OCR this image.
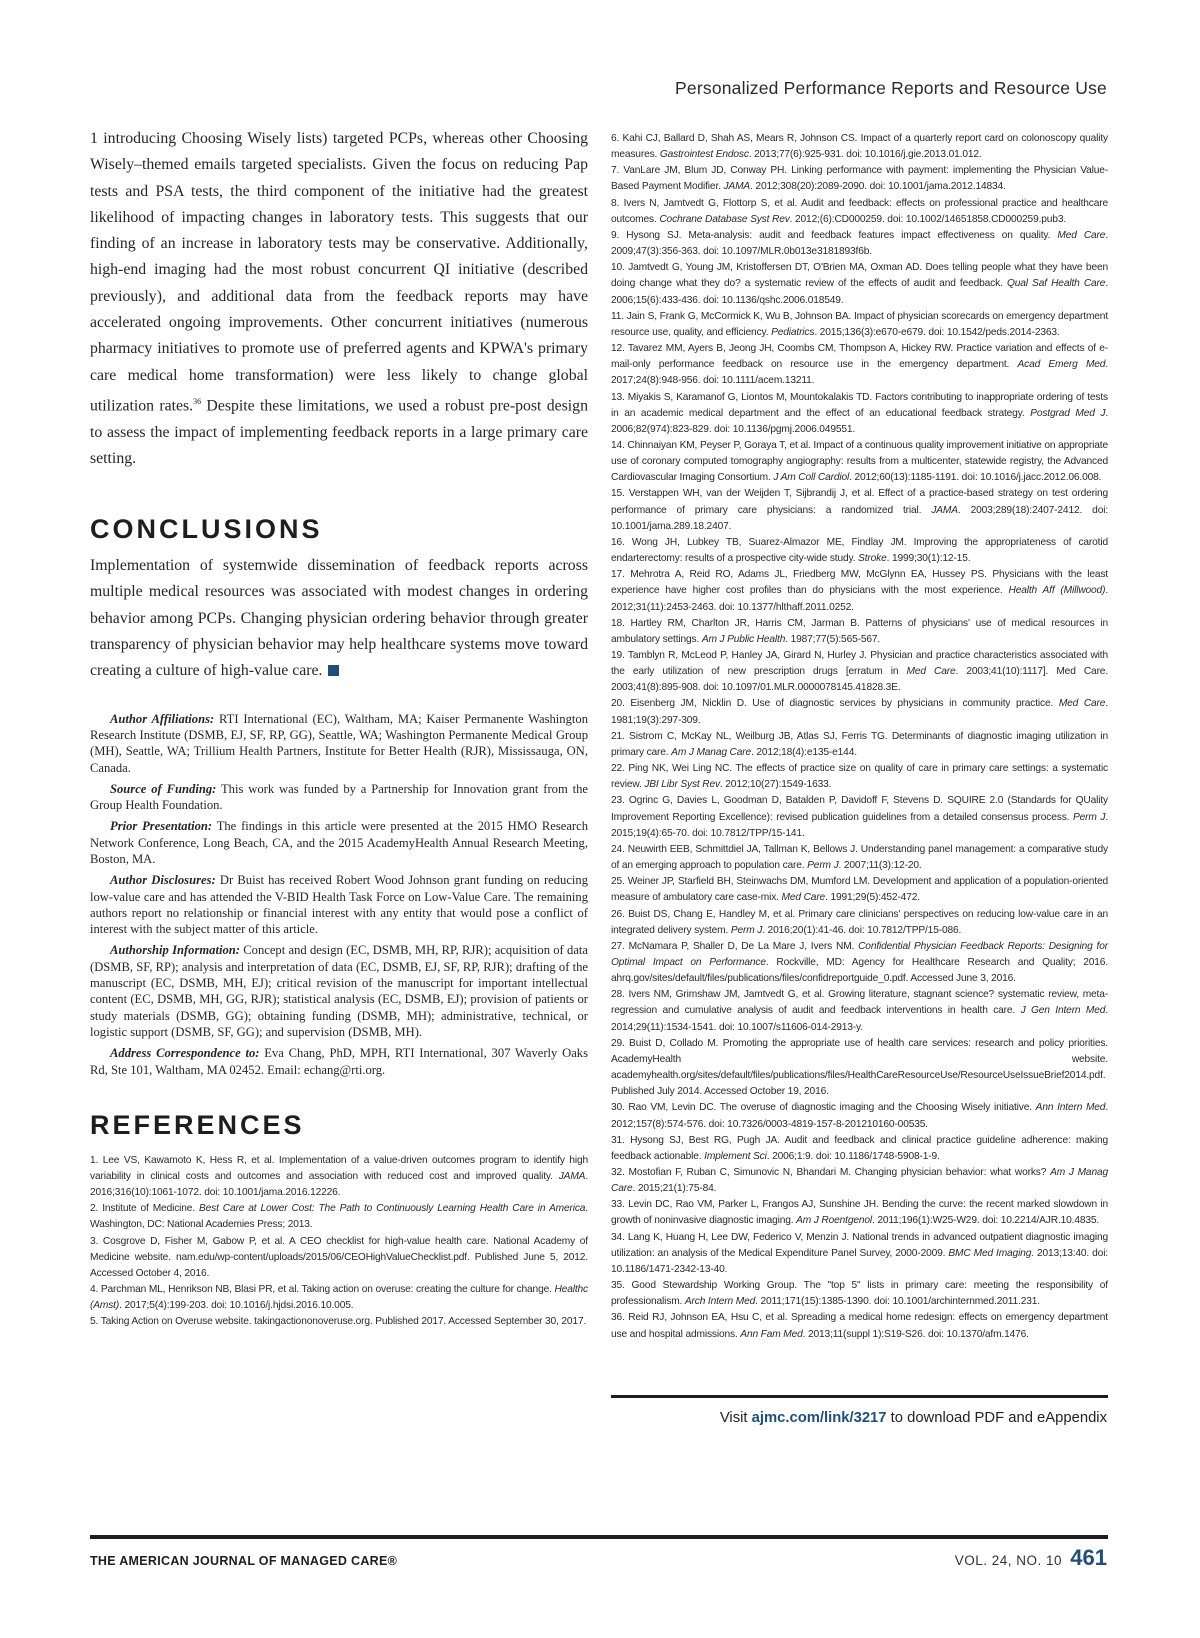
Personalized Performance Reports and Resource Use

1 introducing Choosing Wisely lists) targeted PCPs, whereas other Choosing Wisely–themed emails targeted specialists. Given the focus on reducing Pap tests and PSA tests, the third component of the initiative had the greatest likelihood of impacting changes in laboratory tests. This suggests that our finding of an increase in laboratory tests may be conservative. Additionally, high-end imaging had the most robust concurrent QI initiative (described previously), and additional data from the feedback reports may have accelerated ongoing improvements. Other concurrent initiatives (numerous pharmacy initiatives to promote use of preferred agents and KPWA's primary care medical home transformation) were less likely to change global utilization rates.$^{36}$ Despite these limitations, we used a robust pre-post design to assess the impact of implementing feedback reports in a large primary care setting.

CONCLUSIONS

Implementation of systemwide dissemination of feedback reports across multiple medical resources was associated with modest changes in ordering behavior among PCPs. Changing physician ordering behavior through greater transparency of physician behavior may help healthcare systems move toward creating a culture of high-value care.

Author Affiliations: RTI International (EC), Waltham, MA; Kaiser Permanente Washington Research Institute (DSMB, EJ, SF, RP, GG), Seattle, WA; Washington Permanente Medical Group (MH), Seattle, WA; Trillium Health Partners, Institute for Better Health (RJR), Mississauga, ON, Canada.

Source of Funding: This work was funded by a Partnership for Innovation grant from the Group Health Foundation.

Prior Presentation: The findings in this article were presented at the 2015 HMO Research Network Conference, Long Beach, CA, and the 2015 AcademyHealth Annual Research Meeting, Boston, MA.

Author Disclosures: Dr Buist has received Robert Wood Johnson grant funding on reducing low-value care and has attended the V-BID Health Task Force on Low-Value Care. The remaining authors report no relationship or financial interest with any entity that would pose a conflict of interest with the subject matter of this article.

Authorship Information: Concept and design (EC, DSMB, MH, RP, RJR); acquisition of data (DSMB, SF, RP); analysis and interpretation of data (EC, DSMB, EJ, SF, RP, RJR); drafting of the manuscript (EC, DSMB, MH, EJ); critical revision of the manuscript for important intellectual content (EC, DSMB, MH, GG, RJR); statistical analysis (EC, DSMB, EJ); provision of patients or study materials (DSMB, GG); obtaining funding (DSMB, MH); administrative, technical, or logistic support (DSMB, SF, GG); and supervision (DSMB, MH).

Address Correspondence to: Eva Chang, PhD, MPH, RTI International, 307 Waverly Oaks Rd, Ste 101, Waltham, MA 02452. Email: echang@rti.org.

REFERENCES
1. Lee VS, Kawamoto K, Hess R, et al. Implementation of a value-driven outcomes program to identify high variability in clinical costs and outcomes and association with reduced cost and improved quality. JAMA. 2016;316(10):1061-1072. doi: 10.1001/jama.2016.12226.
2. Institute of Medicine. Best Care at Lower Cost: The Path to Continuously Learning Health Care in America. Washington, DC: National Academies Press; 2013.
3. Cosgrove D, Fisher M, Gabow P, et al. A CEO checklist for high-value health care. National Academy of Medicine website. nam.edu/wp-content/uploads/2015/06/CEOHighValueChecklist.pdf. Published June 5, 2012. Accessed October 4, 2016.
4. Parchman ML, Henrikson NB, Blasi PR, et al. Taking action on overuse: creating the culture for change. Healthc (Amst). 2017;5(4):199-203. doi: 10.1016/j.hjdsi.2016.10.005.
5. Taking Action on Overuse website. takingactiononoveruse.org. Published 2017. Accessed September 30, 2017.
6. Kahi CJ, Ballard D, Shah AS, Mears R, Johnson CS. Impact of a quarterly report card on colonoscopy quality measures. Gastrointest Endosc. 2013;77(6):925-931. doi: 10.1016/j.gie.2013.01.012.
7. VanLare JM, Blum JD, Conway PH. Linking performance with payment: implementing the Physician Value-Based Payment Modifier. JAMA. 2012;308(20):2089-2090. doi: 10.1001/jama.2012.14834.
8. Ivers N, Jamtvedt G, Flottorp S, et al. Audit and feedback: effects on professional practice and healthcare outcomes. Cochrane Database Syst Rev. 2012;(6):CD000259. doi: 10.1002/14651858.CD000259.pub3.
9. Hysong SJ. Meta-analysis: audit and feedback features impact effectiveness on quality. Med Care. 2009;47(3):356-363. doi: 10.1097/MLR.0b013e3181893f6b.
10. Jamtvedt G, Young JM, Kristoffersen DT, O'Brien MA, Oxman AD. Does telling people what they have been doing change what they do? a systematic review of the effects of audit and feedback. Qual Saf Health Care. 2006;15(6):433-436. doi: 10.1136/qshc.2006.018549.
11. Jain S, Frank G, McCormick K, Wu B, Johnson BA. Impact of physician scorecards on emergency department resource use, quality, and efficiency. Pediatrics. 2015;136(3):e670-e679. doi: 10.1542/peds.2014-2363.
12. Tavarez MM, Ayers B, Jeong JH, Coombs CM, Thompson A, Hickey RW. Practice variation and effects of e-mail-only performance feedback on resource use in the emergency department. Acad Emerg Med. 2017;24(8):948-956. doi: 10.1111/acem.13211.
13. Miyakis S, Karamanof G, Liontos M, Mountokalakis TD. Factors contributing to inappropriate ordering of tests in an academic medical department and the effect of an educational feedback strategy. Postgrad Med J. 2006;82(974):823-829. doi: 10.1136/pgmj.2006.049551.
14. Chinnaiyan KM, Peyser P, Goraya T, et al. Impact of a continuous quality improvement initiative on appropriate use of coronary computed tomography angiography: results from a multicenter, statewide registry, the Advanced Cardiovascular Imaging Consortium. J Am Coll Cardiol. 2012;60(13):1185-1191. doi: 10.1016/j.jacc.2012.06.008.
15. Verstappen WH, van der Weijden T, Sijbrandij J, et al. Effect of a practice-based strategy on test ordering performance of primary care physicians: a randomized trial. JAMA. 2003;289(18):2407-2412. doi: 10.1001/jama.289.18.2407.
16. Wong JH, Lubkey TB, Suarez-Almazor ME, Findlay JM. Improving the appropriateness of carotid endarterectomy: results of a prospective city-wide study. Stroke. 1999;30(1):12-15.
17. Mehrotra A, Reid RO, Adams JL, Friedberg MW, McGlynn EA, Hussey PS. Physicians with the least experience have higher cost profiles than do physicians with the most experience. Health Aff (Millwood). 2012;31(11):2453-2463. doi: 10.1377/hlthaff.2011.0252.
18. Hartley RM, Charlton JR, Harris CM, Jarman B. Patterns of physicians' use of medical resources in ambulatory settings. Am J Public Health. 1987;77(5):565-567.
19. Tamblyn R, McLeod P, Hanley JA, Girard N, Hurley J. Physician and practice characteristics associated with the early utilization of new prescription drugs [erratum in Med Care. 2003;41(10):1117]. Med Care. 2003;41(8):895-908. doi: 10.1097/01.MLR.0000078145.41828.3E.
20. Eisenberg JM, Nicklin D. Use of diagnostic services by physicians in community practice. Med Care. 1981;19(3):297-309.
21. Sistrom C, McKay NL, Weilburg JB, Atlas SJ, Ferris TG. Determinants of diagnostic imaging utilization in primary care. Am J Manag Care. 2012;18(4):e135-e144.
22. Ping NK, Wei Ling NC. The effects of practice size on quality of care in primary care settings: a systematic review. JBI Libr Syst Rev. 2012;10(27):1549-1633.
23. Ogrinc G, Davies L, Goodman D, Batalden P, Davidoff F, Stevens D. SQUIRE 2.0 (Standards for QUality Improvement Reporting Excellence): revised publication guidelines from a detailed consensus process. Perm J. 2015;19(4):65-70. doi: 10.7812/TPP/15-141.
24. Neuwirth EEB, Schmittdiel JA, Tallman K, Bellows J. Understanding panel management: a comparative study of an emerging approach to population care. Perm J. 2007;11(3):12-20.
25. Weiner JP, Starfield BH, Steinwachs DM, Mumford LM. Development and application of a population-oriented measure of ambulatory care case-mix. Med Care. 1991;29(5):452-472.
26. Buist DS, Chang E, Handley M, et al. Primary care clinicians' perspectives on reducing low-value care in an integrated delivery system. Perm J. 2016;20(1):41-46. doi: 10.7812/TPP/15-086.
27. McNamara P, Shaller D, De La Mare J, Ivers NM. Confidential Physician Feedback Reports: Designing for Optimal Impact on Performance. Rockville, MD: Agency for Healthcare Research and Quality; 2016. ahrq.gov/sites/default/files/publications/files/confidreportguide_0.pdf. Accessed June 3, 2016.
28. Ivers NM, Grimshaw JM, Jamtvedt G, et al. Growing literature, stagnant science? systematic review, meta-regression and cumulative analysis of audit and feedback interventions in health care. J Gen Intern Med. 2014;29(11):1534-1541. doi: 10.1007/s11606-014-2913-y.
29. Buist D, Collado M. Promoting the appropriate use of health care services: research and policy priorities. AcademyHealth website. academyhealth.org/sites/default/files/publications/files/HealthCareResourceUse/ResourceUseIssueBrief2014.pdf. Published July 2014. Accessed October 19, 2016.
30. Rao VM, Levin DC. The overuse of diagnostic imaging and the Choosing Wisely initiative. Ann Intern Med. 2012;157(8):574-576. doi: 10.7326/0003-4819-157-8-201210160-00535.
31. Hysong SJ, Best RG, Pugh JA. Audit and feedback and clinical practice guideline adherence: making feedback actionable. Implement Sci. 2006;1:9. doi: 10.1186/1748-5908-1-9.
32. Mostofian F, Ruban C, Simunovic N, Bhandari M. Changing physician behavior: what works? Am J Manag Care. 2015;21(1):75-84.
33. Levin DC, Rao VM, Parker L, Frangos AJ, Sunshine JH. Bending the curve: the recent marked slowdown in growth of noninvasive diagnostic imaging. Am J Roentgenol. 2011;196(1):W25-W29. doi: 10.2214/AJR.10.4835.
34. Lang K, Huang H, Lee DW, Federico V, Menzin J. National trends in advanced outpatient diagnostic imaging utilization: an analysis of the Medical Expenditure Panel Survey, 2000-2009. BMC Med Imaging. 2013;13:40. doi: 10.1186/1471-2342-13-40.
35. Good Stewardship Working Group. The "top 5" lists in primary care: meeting the responsibility of professionalism. Arch Intern Med. 2011;171(15):1385-1390. doi: 10.1001/archinternmed.2011.231.
36. Reid RJ, Johnson EA, Hsu C, et al. Spreading a medical home redesign: effects on emergency department use and hospital admissions. Ann Fam Med. 2013;11(suppl 1):S19-S26. doi: 10.1370/afm.1476.
Visit ajmc.com/link/3217 to download PDF and eAppendix
THE AMERICAN JOURNAL OF MANAGED CARE®	VOL. 24, NO. 10 461
